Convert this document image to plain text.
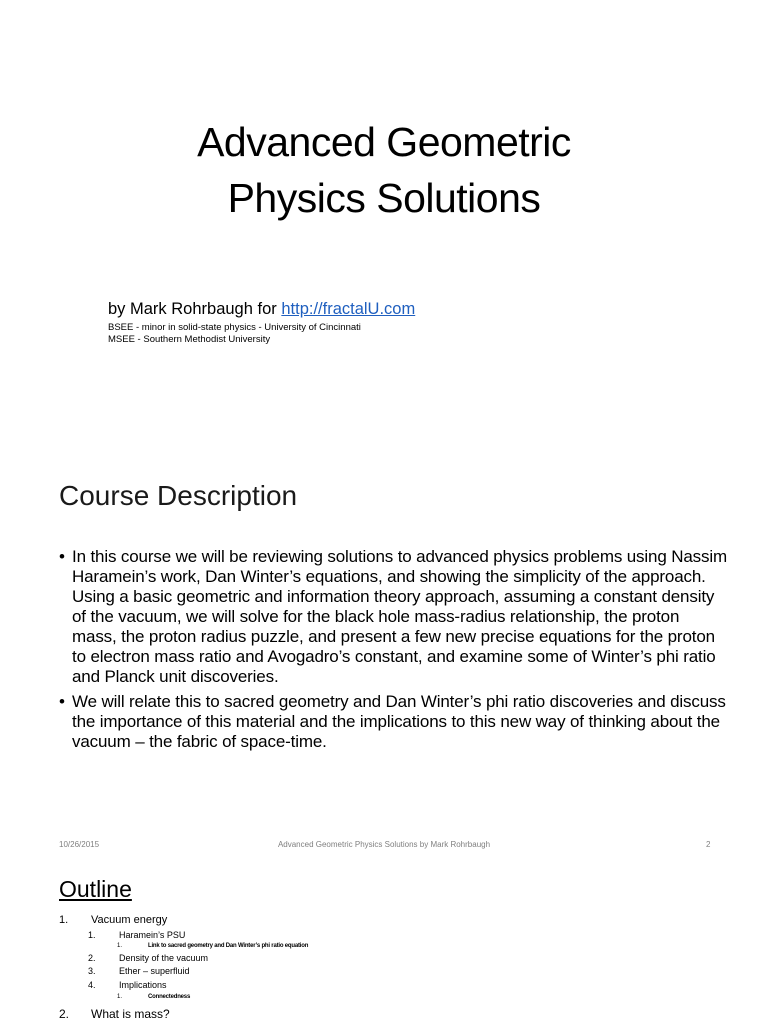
Advanced Geometric
Physics Solutions
by Mark Rohrbaugh for http://fractalU.com
BSEE - minor in solid-state physics - University of Cincinnati
MSEE - Southern Methodist University
Course Description
• In this course we will be reviewing solutions to advanced physics problems using Nassim Haramein’s work, Dan Winter’s equations, and showing the simplicity of the approach. Using a basic geometric and information theory approach, assuming a constant density of the vacuum, we will solve for the black hole mass-radius relationship, the proton mass, the proton radius puzzle, and present a few new precise equations for the proton to electron mass ratio and Avogadro’s constant, and examine some of Winter’s phi ratio and Planck unit discoveries.
• We will relate this to sacred geometry and Dan Winter’s phi ratio discoveries and discuss the importance of this material and the implications to this new way of thinking about the vacuum – the fabric of space-time.
10/26/2015	Advanced Geometric Physics Solutions by Mark Rohrbaugh	2
Outline
1. Vacuum energy
1.	Haramein’s PSU
1.	Link to sacred geometry and Dan Winter’s phi ratio equation
2.	Density of the vacuum
3.	Ether – superfluid
4.	Implications
1.	Connectedness
2. What is mass?
